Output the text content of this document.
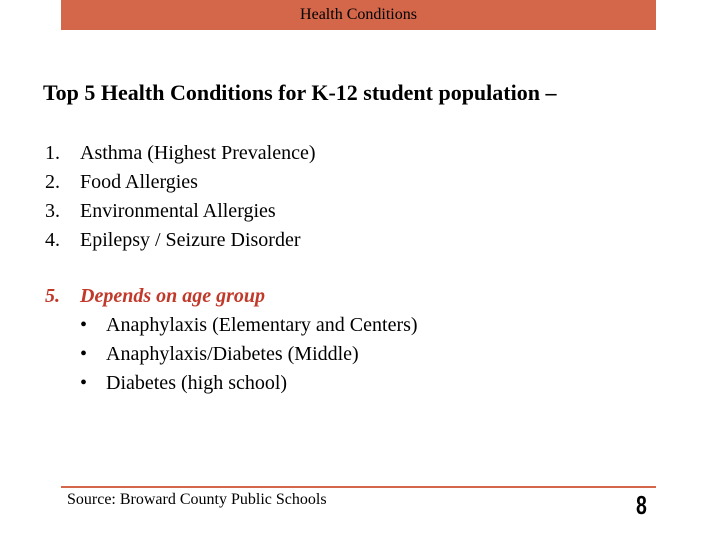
Health Conditions
Top 5 Health Conditions for K-12 student population –
1. Asthma (Highest Prevalence)
2. Food Allergies
3. Environmental Allergies
4. Epilepsy / Seizure Disorder
5. Depends on age group
• Anaphylaxis (Elementary and Centers)
• Anaphylaxis/Diabetes (Middle)
• Diabetes (high school)
Source: Broward County Public Schools	8
